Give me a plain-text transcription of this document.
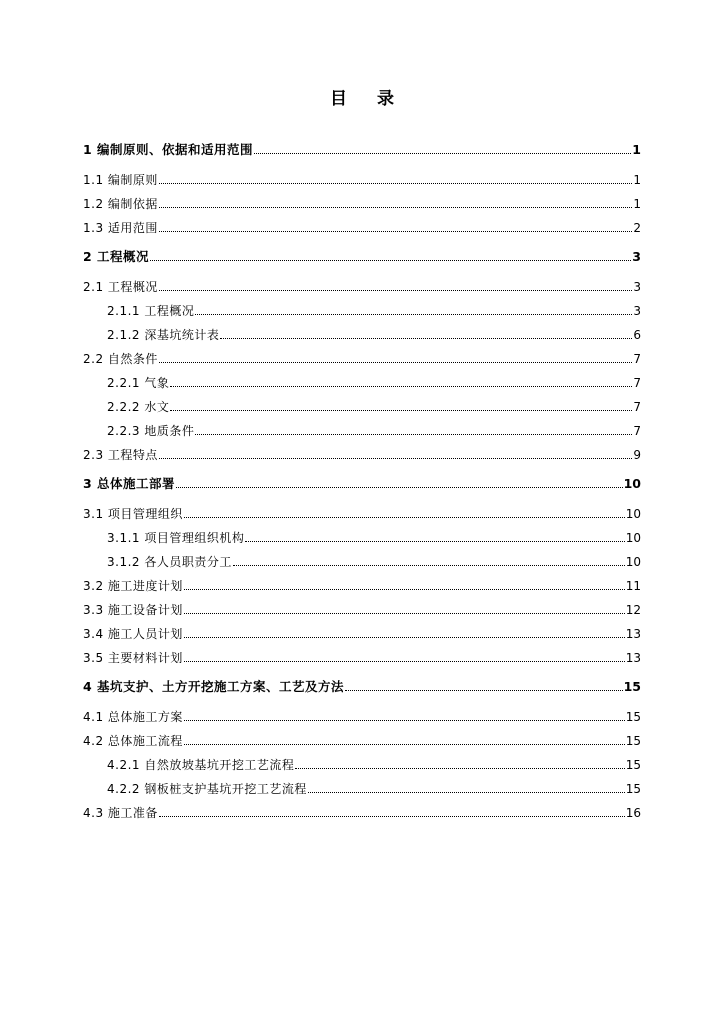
目 录
1 编制原则、依据和适用范围	1
1.1 编制原则	1
1.2 编制依据	1
1.3 适用范围	2
2 工程概况	3
2.1 工程概况	3
2.1.1 工程概况	3
2.1.2 深基坑统计表	6
2.2 自然条件	7
2.2.1 气象	7
2.2.2 水文	7
2.2.3 地质条件	7
2.3 工程特点	9
3 总体施工部署	10
3.1 项目管理组织	10
3.1.1 项目管理组织机构	10
3.1.2 各人员职责分工	10
3.2 施工进度计划	11
3.3 施工设备计划	12
3.4 施工人员计划	13
3.5 主要材料计划	13
4 基坑支护、土方开挖施工方案、工艺及方法	15
4.1 总体施工方案	15
4.2 总体施工流程	15
4.2.1 自然放坡基坑开挖工艺流程	15
4.2.2 钢板桩支护基坑开挖工艺流程	15
4.3 施工准备	16
